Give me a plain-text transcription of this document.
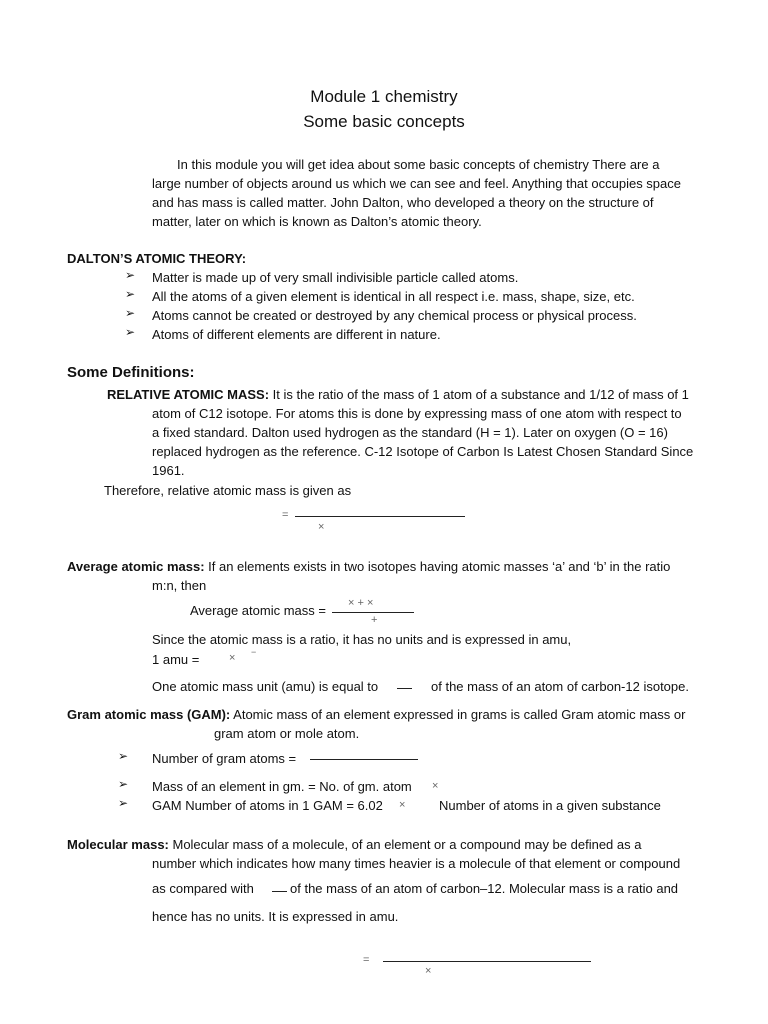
Module 1 chemistry
Some basic concepts
In this module you will get idea about some basic concepts of chemistry There are a
large number of objects around us which we can see and feel. Anything that occupies space
and has mass is called matter. John Dalton, who developed a theory on the structure of
matter, later on which is known as Dalton’s atomic theory.
DALTON’S ATOMIC THEORY:
➢ Matter is made up of very small indivisible particle called atoms.
➢ All the atoms of a given element is identical in all respect i.e. mass, shape, size, etc.
➢ Atoms cannot be created or destroyed by any chemical process or physical process.
➢ Atoms of different elements are different in nature.
Some Definitions:
RELATIVE ATOMIC MASS: It is the ratio of the mass of 1 atom of a substance and 1/12 of mass of 1
atom of C12 isotope. For atoms this is done by expressing mass of one atom with respect to
a fixed standard. Dalton used hydrogen as the standard (H = 1). Later on oxygen (O = 16)
replaced hydrogen as the reference. C-12 Isotope of Carbon Is Latest Chosen Standard Since
1961.
Therefore, relative atomic mass is given as
=
×
Average atomic mass: If an elements exists in two isotopes having atomic masses ‘a’ and ‘b’ in the ratio
m:n, then
Average atomic mass = × + ×
+
Since the atomic mass is a ratio, it has no units and is expressed in amu,
1 amu =	× −
One atomic mass unit (amu) is equal to	of the mass of an atom of carbon-12 isotope.
Gram atomic mass (GAM): Atomic mass of an element expressed in grams is called Gram atomic mass or
gram atom or mole atom.
➢ Number of gram atoms =
➢ Mass of an element in gm. = No. of gm. atom ×
➢ GAM Number of atoms in 1 GAM = 6.02 ×	Number of atoms in a given substance
Molecular mass: Molecular mass of a molecule, of an element or a compound may be defined as a
number which indicates how many times heavier is a molecule of that element or compound
as compared with	of the mass of an atom of carbon–12. Molecular mass is a ratio and
hence has no units. It is expressed in amu.
=
×
